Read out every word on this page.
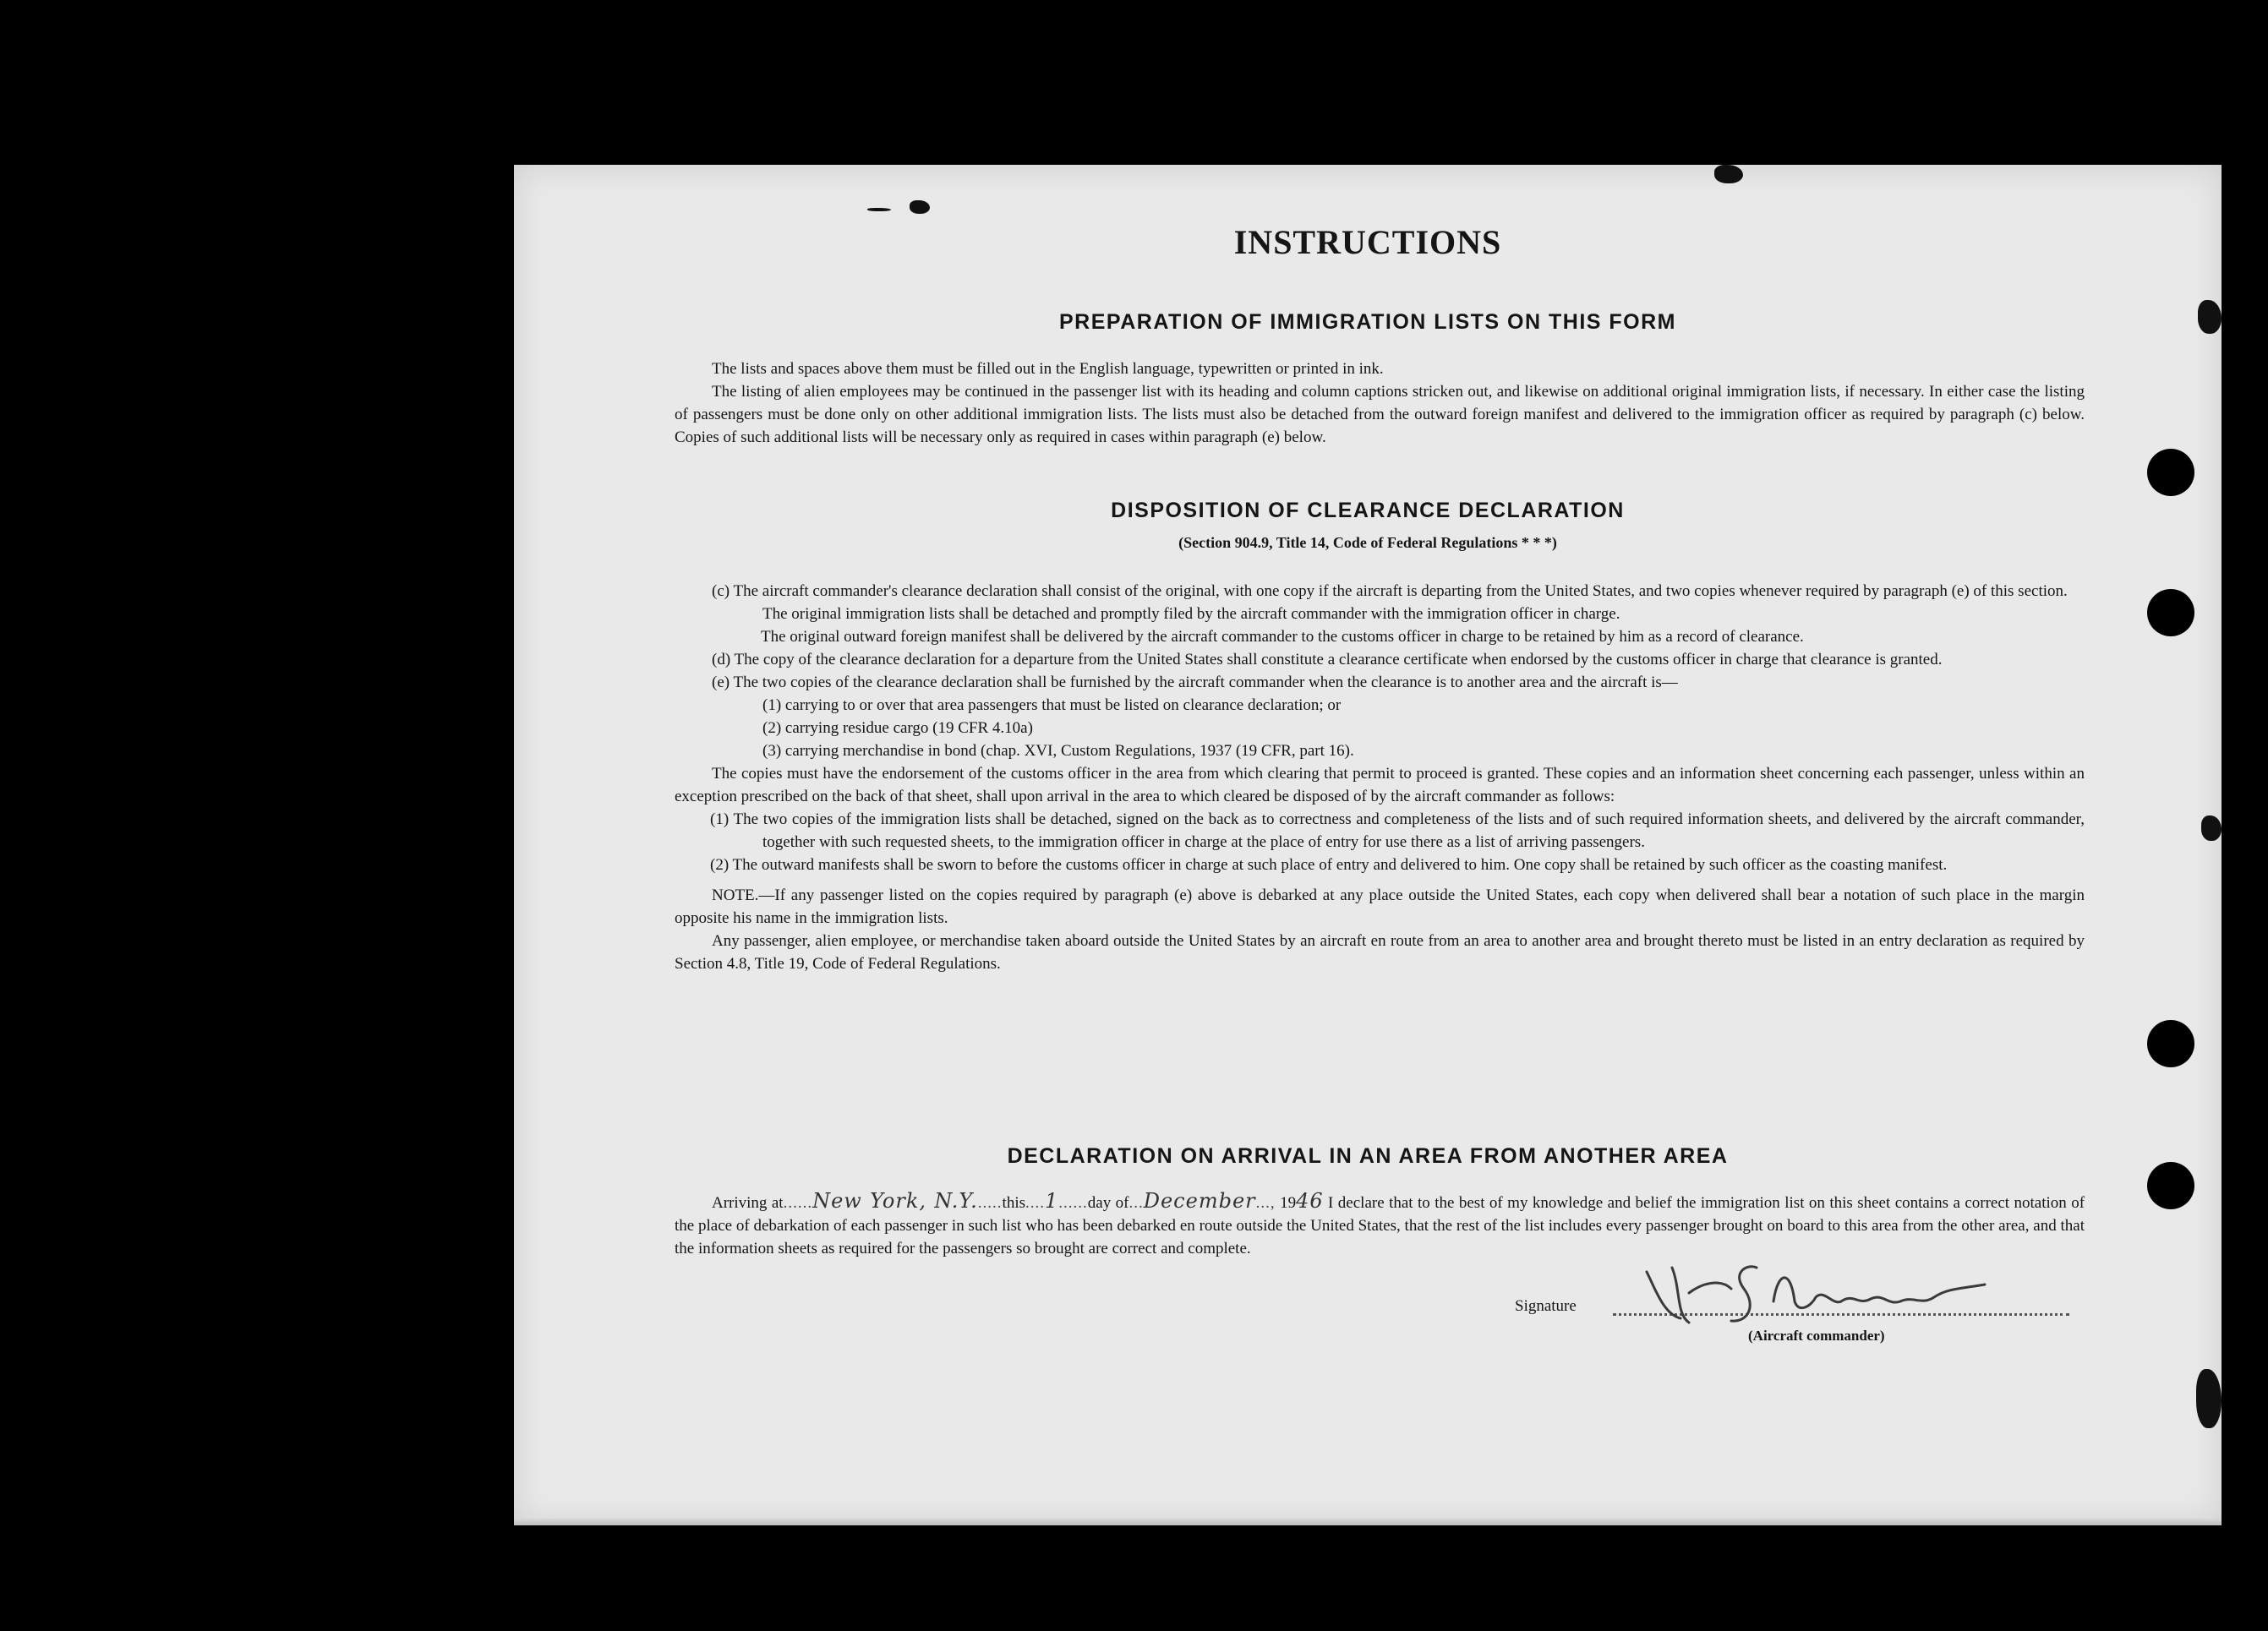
INSTRUCTIONS
PREPARATION OF IMMIGRATION LISTS ON THIS FORM

The lists and spaces above them must be filled out in the English language, typewritten or printed in ink.

The listing of alien employees may be continued in the passenger list with its heading and column captions stricken out, and likewise on additional original immigration lists, if necessary. In either case the listing of passengers must be done only on other additional immigration lists. The lists must also be detached from the outward foreign manifest and delivered to the immigration officer as required by paragraph (c) below. Copies of such additional lists will be necessary only as required in cases within paragraph (e) below.

DISPOSITION OF CLEARANCE DECLARATION
(Section 904.9, Title 14, Code of Federal Regulations * * *)

(c) The aircraft commander's clearance declaration shall consist of the original, with one copy if the aircraft is departing from the United States, and two copies whenever required by paragraph (e) of this section.

The original immigration lists shall be detached and promptly filed by the aircraft commander with the immigration officer in charge.

The original outward foreign manifest shall be delivered by the aircraft commander to the customs officer in charge to be retained by him as a record of clearance.

(d) The copy of the clearance declaration for a departure from the United States shall constitute a clearance certificate when endorsed by the customs officer in charge that clearance is granted.

(e) The two copies of the clearance declaration shall be furnished by the aircraft commander when the clearance is to another area and the aircraft is—

(1) carrying to or over that area passengers that must be listed on clearance declaration; or

(2) carrying residue cargo (19 CFR 4.10a)

(3) carrying merchandise in bond (chap. XVI, Custom Regulations, 1937 (19 CFR, part 16).

The copies must have the endorsement of the customs officer in the area from which clearing that permit to proceed is granted. These copies and an information sheet concerning each passenger, unless within an exception prescribed on the back of that sheet, shall upon arrival in the area to which cleared be disposed of by the aircraft commander as follows:

(1) The two copies of the immigration lists shall be detached, signed on the back as to correctness and completeness of the lists and of such required information sheets, and delivered by the aircraft commander, together with such requested sheets, to the immigration officer in charge at the place of entry for use there as a list of arriving passengers.

(2) The outward manifests shall be sworn to before the customs officer in charge at such place of entry and delivered to him. One copy shall be retained by such officer as the coasting manifest.

NOTE.—If any passenger listed on the copies required by paragraph (e) above is debarked at any place outside the United States, each copy when delivered shall bear a notation of such place in the margin opposite his name in the immigration lists.

Any passenger, alien employee, or merchandise taken aboard outside the United States by an aircraft en route from an area to another area and brought thereto must be listed in an entry declaration as required by Section 4.8, Title 19, Code of Federal Regulations.

DECLARATION ON ARRIVAL IN AN AREA FROM ANOTHER AREA

Arriving at......New York, N.Y......this....1......day of...December..., 1946 I declare that to the best of my knowledge and belief the immigration list on this sheet contains a correct notation of the place of debarkation of each passenger in such list who has been debarked en route outside the United States, that the rest of the list includes every passenger brought on board to this area from the other area, and that the information sheets as required for the passengers so brought are correct and complete.

Signature
(Aircraft commander)
